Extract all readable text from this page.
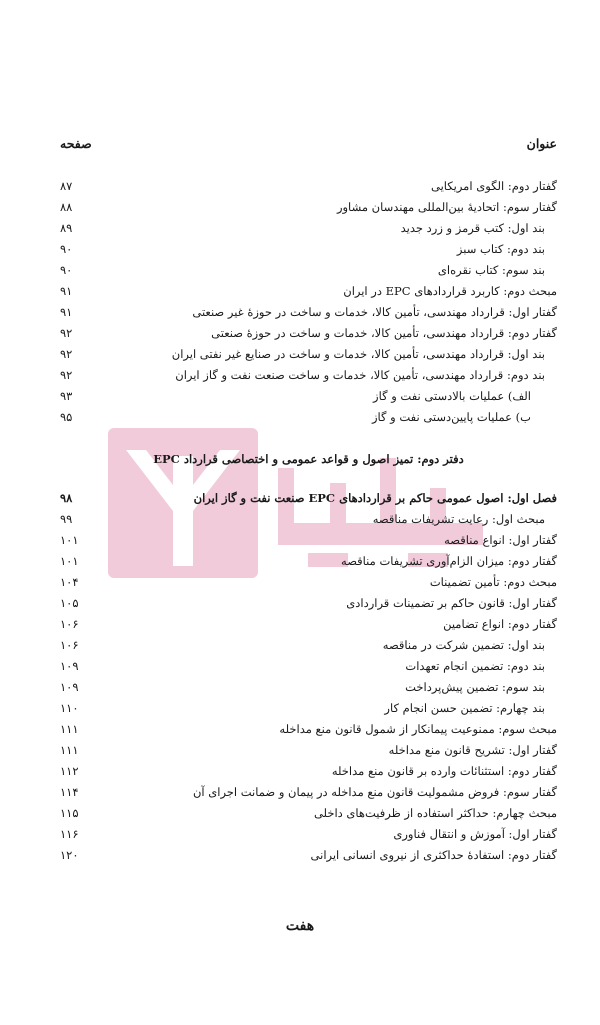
عنوان
صفحه
گفتار دوم: الگوی امریکایی
۸۷
گفتار سوم: اتحادیهٔ بین‌المللی مهندسان مشاور
۸۸
بند اول: کتب قرمز و زرد جدید
۸۹
بند دوم: کتاب سبز
۹۰
بند سوم: کتاب نقره‌ای
۹۰
مبحث دوم: کاربرد قراردادهای EPC در ایران
۹۱
گفتار اول: قرارداد مهندسی، تأمین کالا، خدمات و ساخت در حوزهٔ غیر صنعتی
۹۱
گفتار دوم: قرارداد مهندسی، تأمین کالا، خدمات و ساخت در حوزهٔ صنعتی
۹۲
بند اول: قرارداد مهندسی، تأمین کالا، خدمات و ساخت در صنایع غیر نفتی ایران
۹۲
بند دوم: قرارداد مهندسی، تأمین کالا، خدمات و ساخت صنعت نفت و گاز ایران
۹۲
الف) عملیات بالادستی نفت و گاز
۹۳
ب) عملیات پایین‌دستی نفت و گاز
۹۵
دفتر دوم: تمیز اصول و قواعد عمومی و اختصاصی قرارداد EPC
فصل اول: اصول عمومی حاکم بر قراردادهای EPC صنعت نفت و گاز ایران
۹۸
مبحث اول: رعایت تشریفات مناقصه
۹۹
گفتار اول: انواع مناقصه
۱۰۱
گفتار دوم: میزان الزام‌آوری تشریفات مناقصه
۱۰۱
مبحث دوم: تأمین تضمینات
۱۰۴
گفتار اول: قانون حاکم بر تضمینات قراردادی
۱۰۵
گفتار دوم: انواع تضامین
۱۰۶
بند اول: تضمین شرکت در مناقصه
۱۰۶
بند دوم: تضمین انجام تعهدات
۱۰۹
بند سوم: تضمین پیش‌پرداخت
۱۰۹
بند چهارم: تضمین حسن انجام کار
۱۱۰
مبحث سوم: ممنوعیت پیمانکار از شمول قانون منع مداخله
۱۱۱
گفتار اول: تشریح قانون منع مداخله
۱۱۱
گفتار دوم: استثنائات وارده بر قانون منع مداخله
۱۱۲
گفتار سوم: فروض مشمولیت قانون منع مداخله در پیمان و ضمانت اجرای آن
۱۱۴
مبحث چهارم: حداکثر استفاده از ظرفیت‌های داخلی
۱۱۵
گفتار اول: آموزش و انتقال فناوری
۱۱۶
گفتار دوم: استفادهٔ حداکثری از نیروی انسانی ایرانی
۱۲۰
هفت
